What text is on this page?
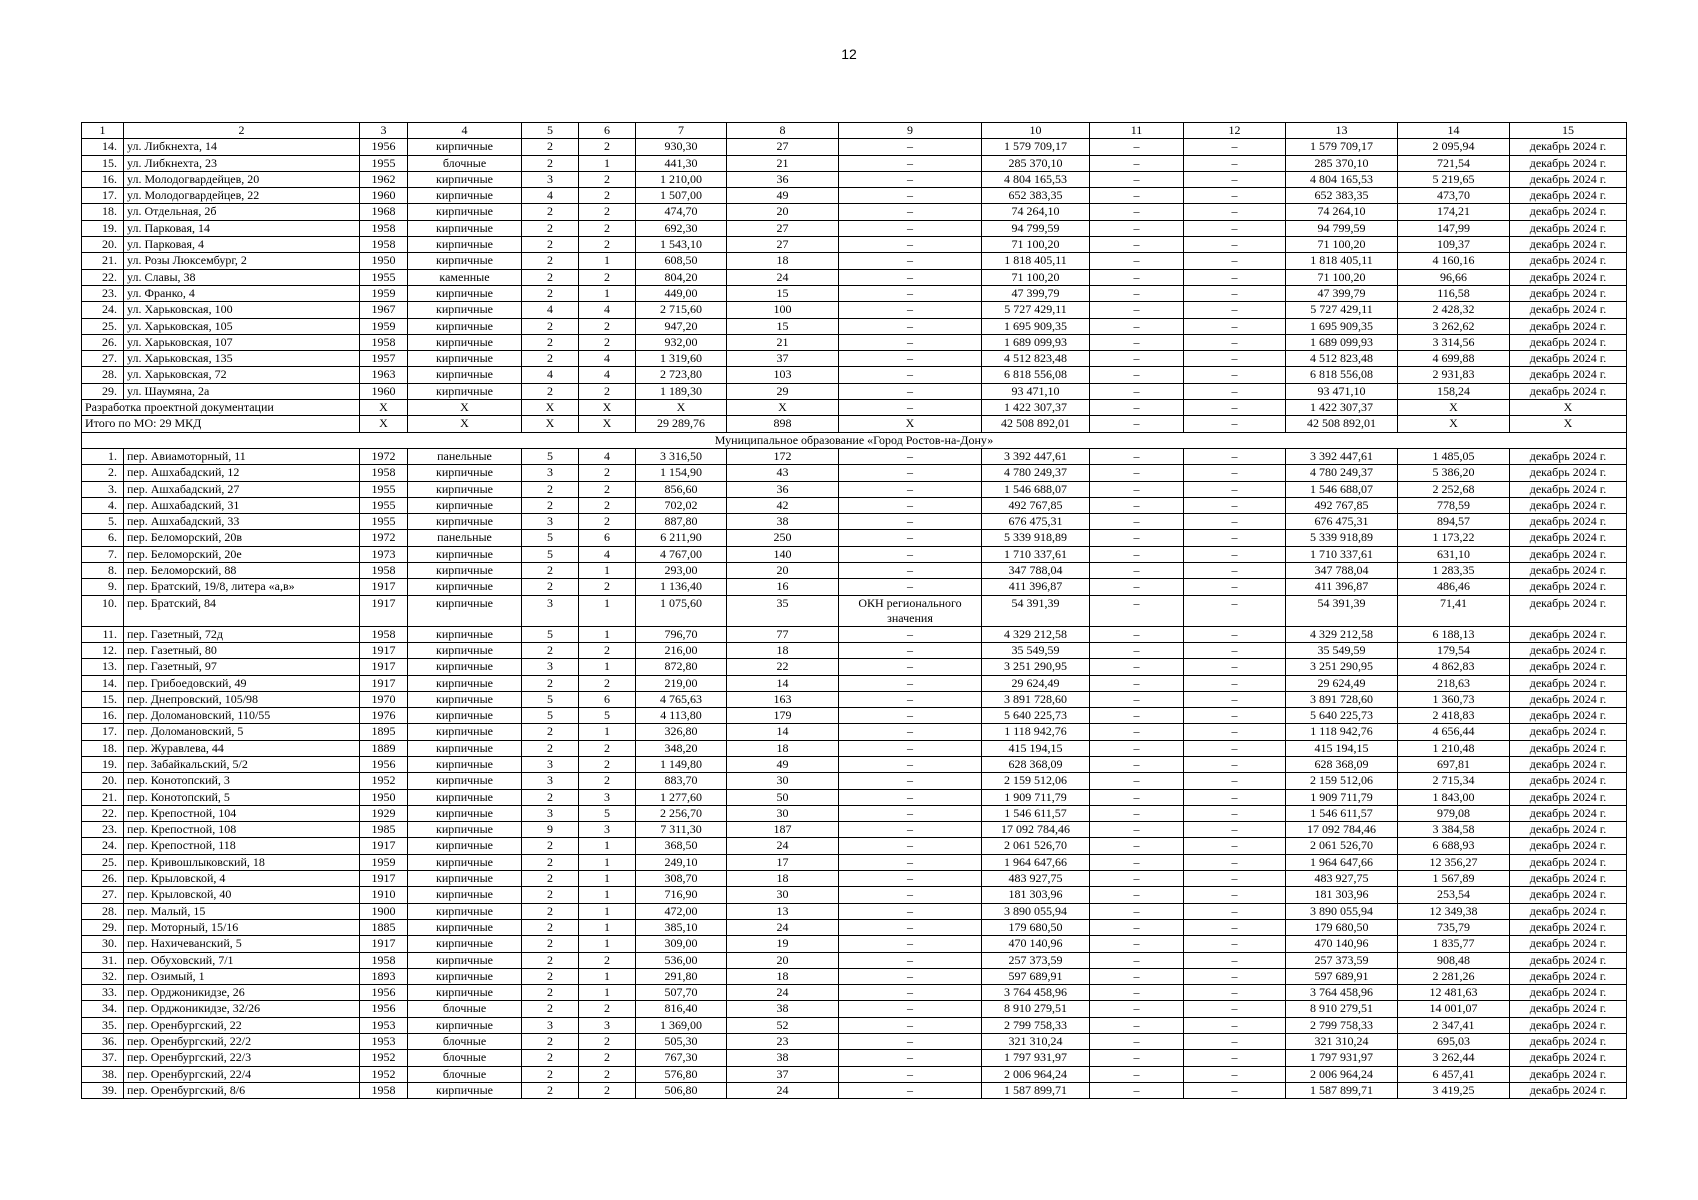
12
1	2	3	4	5	6	7	8	9	10	11	12	13	14	15
14.	ул. Либкнехта, 14	1956	кирпичные	2	2	930,30	27	–	1 579 709,17	–	–	1 579 709,17	2 095,94	декабрь 2024 г.
15.	ул. Либкнехта, 23	1955	блочные	2	1	441,30	21	–	285 370,10	–	–	285 370,10	721,54	декабрь 2024 г.
16.	ул. Молодогвардейцев, 20	1962	кирпичные	3	2	1 210,00	36	–	4 804 165,53	–	–	4 804 165,53	5 219,65	декабрь 2024 г.
17.	ул. Молодогвардейцев, 22	1960	кирпичные	4	2	1 507,00	49	–	652 383,35	–	–	652 383,35	473,70	декабрь 2024 г.
18.	ул. Отдельная, 2б	1968	кирпичные	2	2	474,70	20	–	74 264,10	–	–	74 264,10	174,21	декабрь 2024 г.
19.	ул. Парковая, 14	1958	кирпичные	2	2	692,30	27	–	94 799,59	–	–	94 799,59	147,99	декабрь 2024 г.
20.	ул. Парковая, 4	1958	кирпичные	2	2	1 543,10	27	–	71 100,20	–	–	71 100,20	109,37	декабрь 2024 г.
21.	ул. Розы Люксембург, 2	1950	кирпичные	2	1	608,50	18	–	1 818 405,11	–	–	1 818 405,11	4 160,16	декабрь 2024 г.
22.	ул. Славы, 38	1955	каменные	2	2	804,20	24	–	71 100,20	–	–	71 100,20	96,66	декабрь 2024 г.
23.	ул. Франко, 4	1959	кирпичные	2	1	449,00	15	–	47 399,79	–	–	47 399,79	116,58	декабрь 2024 г.
24.	ул. Харьковская, 100	1967	кирпичные	4	4	2 715,60	100	–	5 727 429,11	–	–	5 727 429,11	2 428,32	декабрь 2024 г.
25.	ул. Харьковская, 105	1959	кирпичные	2	2	947,20	15	–	1 695 909,35	–	–	1 695 909,35	3 262,62	декабрь 2024 г.
26.	ул. Харьковская, 107	1958	кирпичные	2	2	932,00	21	–	1 689 099,93	–	–	1 689 099,93	3 314,56	декабрь 2024 г.
27.	ул. Харьковская, 135	1957	кирпичные	2	4	1 319,60	37	–	4 512 823,48	–	–	4 512 823,48	4 699,88	декабрь 2024 г.
28.	ул. Харьковская, 72	1963	кирпичные	4	4	2 723,80	103	–	6 818 556,08	–	–	6 818 556,08	2 931,83	декабрь 2024 г.
29.	ул. Шаумяна, 2а	1960	кирпичные	2	2	1 189,30	29	–	93 471,10	–	–	93 471,10	158,24	декабрь 2024 г.
Разработка проектной документации		Х	Х	Х	Х	Х	Х	–	1 422 307,37	–	–	1 422 307,37	Х	Х
Итого по МО: 29 МКД		Х	Х	Х	Х	29 289,76	898	Х	42 508 892,01	–	–	42 508 892,01	Х	Х
Муниципальное образование «Город Ростов-на-Дону»														
1.	пер. Авиамоторный, 11	1972	панельные	5	4	3 316,50	172	–	3 392 447,61	–	–	3 392 447,61	1 485,05	декабрь 2024 г.
2.	пер. Ашхабадский, 12	1958	кирпичные	3	2	1 154,90	43	–	4 780 249,37	–	–	4 780 249,37	5 386,20	декабрь 2024 г.
3.	пер. Ашхабадский, 27	1955	кирпичные	2	2	856,60	36	–	1 546 688,07	–	–	1 546 688,07	2 252,68	декабрь 2024 г.
4.	пер. Ашхабадский, 31	1955	кирпичные	2	2	702,02	42	–	492 767,85	–	–	492 767,85	778,59	декабрь 2024 г.
5.	пер. Ашхабадский, 33	1955	кирпичные	3	2	887,80	38	–	676 475,31	–	–	676 475,31	894,57	декабрь 2024 г.
6.	пер. Беломорский, 20в	1972	панельные	5	6	6 211,90	250	–	5 339 918,89	–	–	5 339 918,89	1 173,22	декабрь 2024 г.
7.	пер. Беломорский, 20е	1973	кирпичные	5	4	4 767,00	140	–	1 710 337,61	–	–	1 710 337,61	631,10	декабрь 2024 г.
8.	пер. Беломорский, 88	1958	кирпичные	2	1	293,00	20	–	347 788,04	–	–	347 788,04	1 283,35	декабрь 2024 г.
9.	пер. Братский, 19/8, литера «а,в»	1917	кирпичные	2	2	1 136,40	16	–	411 396,87	–	–	411 396,87	486,46	декабрь 2024 г.
10.	пер. Братский, 84	1917	кирпичные	3	1	1 075,60	35	ОКН регионального значения	54 391,39	–	–	54 391,39	71,41	декабрь 2024 г.
11.	пер. Газетный, 72д	1958	кирпичные	5	1	796,70	77	–	4 329 212,58	–	–	4 329 212,58	6 188,13	декабрь 2024 г.
12.	пер. Газетный, 80	1917	кирпичные	2	2	216,00	18	–	35 549,59	–	–	35 549,59	179,54	декабрь 2024 г.
13.	пер. Газетный, 97	1917	кирпичные	3	1	872,80	22	–	3 251 290,95	–	–	3 251 290,95	4 862,83	декабрь 2024 г.
14.	пер. Грибоедовский, 49	1917	кирпичные	2	2	219,00	14	–	29 624,49	–	–	29 624,49	218,63	декабрь 2024 г.
15.	пер. Днепровский, 105/98	1970	кирпичные	5	6	4 765,63	163	–	3 891 728,60	–	–	3 891 728,60	1 360,73	декабрь 2024 г.
16.	пер. Доломановский, 110/55	1976	кирпичные	5	5	4 113,80	179	–	5 640 225,73	–	–	5 640 225,73	2 418,83	декабрь 2024 г.
17.	пер. Доломановский, 5	1895	кирпичные	2	1	326,80	14	–	1 118 942,76	–	–	1 118 942,76	4 656,44	декабрь 2024 г.
18.	пер. Журавлева, 44	1889	кирпичные	2	2	348,20	18	–	415 194,15	–	–	415 194,15	1 210,48	декабрь 2024 г.
19.	пер. Забайкальский, 5/2	1956	кирпичные	3	2	1 149,80	49	–	628 368,09	–	–	628 368,09	697,81	декабрь 2024 г.
20.	пер. Конотопский, 3	1952	кирпичные	3	2	883,70	30	–	2 159 512,06	–	–	2 159 512,06	2 715,34	декабрь 2024 г.
21.	пер. Конотопский, 5	1950	кирпичные	2	3	1 277,60	50	–	1 909 711,79	–	–	1 909 711,79	1 843,00	декабрь 2024 г.
22.	пер. Крепостной, 104	1929	кирпичные	3	5	2 256,70	30	–	1 546 611,57	–	–	1 546 611,57	979,08	декабрь 2024 г.
23.	пер. Крепостной, 108	1985	кирпичные	9	3	7 311,30	187	–	17 092 784,46	–	–	17 092 784,46	3 384,58	декабрь 2024 г.
24.	пер. Крепостной, 118	1917	кирпичные	2	1	368,50	24	–	2 061 526,70	–	–	2 061 526,70	6 688,93	декабрь 2024 г.
25.	пер. Кривошлыковский, 18	1959	кирпичные	2	1	249,10	17	–	1 964 647,66	–	–	1 964 647,66	12 356,27	декабрь 2024 г.
26.	пер. Крыловской, 4	1917	кирпичные	2	1	308,70	18	–	483 927,75	–	–	483 927,75	1 567,89	декабрь 2024 г.
27.	пер. Крыловской, 40	1910	кирпичные	2	1	716,90	30	–	181 303,96	–	–	181 303,96	253,54	декабрь 2024 г.
28.	пер. Малый, 15	1900	кирпичные	2	1	472,00	13	–	3 890 055,94	–	–	3 890 055,94	12 349,38	декабрь 2024 г.
29.	пер. Моторный, 15/16	1885	кирпичные	2	1	385,10	24	–	179 680,50	–	–	179 680,50	735,79	декабрь 2024 г.
30.	пер. Нахичеванский, 5	1917	кирпичные	2	1	309,00	19	–	470 140,96	–	–	470 140,96	1 835,77	декабрь 2024 г.
31.	пер. Обуховский, 7/1	1958	кирпичные	2	2	536,00	20	–	257 373,59	–	–	257 373,59	908,48	декабрь 2024 г.
32.	пер. Озимый, 1	1893	кирпичные	2	1	291,80	18	–	597 689,91	–	–	597 689,91	2 281,26	декабрь 2024 г.
33.	пер. Орджоникидзе, 26	1956	кирпичные	2	1	507,70	24	–	3 764 458,96	–	–	3 764 458,96	12 481,63	декабрь 2024 г.
34.	пер. Орджоникидзе, 32/26	1956	блочные	2	2	816,40	38	–	8 910 279,51	–	–	8 910 279,51	14 001,07	декабрь 2024 г.
35.	пер. Оренбургский, 22	1953	кирпичные	3	3	1 369,00	52	–	2 799 758,33	–	–	2 799 758,33	2 347,41	декабрь 2024 г.
36.	пер. Оренбургский, 22/2	1953	блочные	2	2	505,30	23	–	321 310,24	–	–	321 310,24	695,03	декабрь 2024 г.
37.	пер. Оренбургский, 22/3	1952	блочные	2	2	767,30	38	–	1 797 931,97	–	–	1 797 931,97	3 262,44	декабрь 2024 г.
38.	пер. Оренбургский, 22/4	1952	блочные	2	2	576,80	37	–	2 006 964,24	–	–	2 006 964,24	6 457,41	декабрь 2024 г.
39.	пер. Оренбургский, 8/6	1958	кирпичные	2	2	506,80	24	–	1 587 899,71	–	–	1 587 899,71	3 419,25	декабрь 2024 г.
